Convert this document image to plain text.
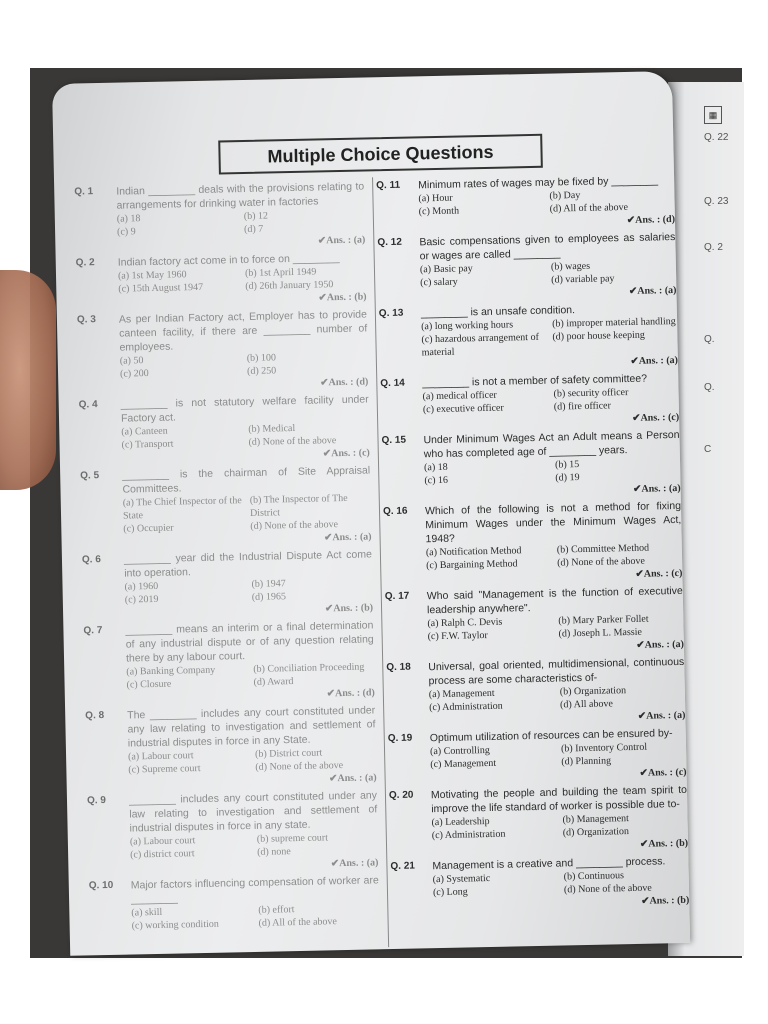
▦
Q. 22
Q. 23
Q. 2
Q.
Q.
C
Multiple Choice Questions
Q. 1 Indian ________ deals with the provisions relating to arrangements for drinking water in factories
(a) 18	(b) 12
(c) 9	(d) 7
✔Ans. : (a)
Q. 2 Indian factory act come in to force on ________
(a) 1st May 1960	(b) 1st April 1949
(c) 15th August 1947	(d) 26th January 1950
✔Ans. : (b)
Q. 3 As per Indian Factory act, Employer has to provide canteen facility, if there are ________ number of employees.
(a) 50	(b) 100
(c) 200	(d) 250
✔Ans. : (d)
Q. 4 ________ is not statutory welfare facility under Factory act.
(a) Canteen	(b) Medical
(c) Transport	(d) None of the above
✔Ans. : (c)
Q. 5 ________ is the chairman of Site Appraisal Committees.
(a) The Chief Inspector of the State
(b) The Inspector of The District
(c) Occupier	(d) None of the above
✔Ans. : (a)
Q. 6 ________ year did the Industrial Dispute Act come into operation.
(a) 1960	(b) 1947
(c) 2019	(d) 1965
✔Ans. : (b)
Q. 7 ________ means an interim or a final determination of any industrial dispute or of any question relating there by any labour court.
(a) Banking Company	(b) Conciliation Proceeding
(c) Closure	(d) Award
✔Ans. : (d)
Q. 8 The ________ includes any court constituted under any law relating to investigation and settlement of industrial disputes in force in any State.
(a) Labour court	(b) District court
(c) Supreme court	(d) None of the above
✔Ans. : (a)
Q. 9 ________ includes any court constituted under any law relating to investigation and settlement of industrial disputes in force in any state.
(a) Labour court	(b) supreme court
(c) district court	(d) none
✔Ans. : (a)
Q. 10 Major factors influencing compensation of worker are ________
(a) skill	(b) effort
(c) working condition	(d) All of the above
Q. 11 Minimum rates of wages may be fixed by ________
(a) Hour	(b) Day
(c) Month	(d) All of the above
✔Ans. : (d)
Q. 12 Basic compensations given to employees as salaries or wages are called ________
(a) Basic pay	(b) wages
(c) salary	(d) variable pay
✔Ans. : (a)
Q. 13 ________ is an unsafe condition.
(a) long working hours	(b) improper material handling
(c) hazardous arrangement of material
(d) poor house keeping
✔Ans. : (a)
Q. 14 ________ is not a member of safety committee?
(a) medical officer	(b) security officer
(c) executive officer	(d) fire officer
✔Ans. : (c)
Q. 15 Under Minimum Wages Act an Adult means a Person who has completed age of ________ years.
(a) 18	(b) 15
(c) 16	(d) 19
✔Ans. : (a)
Q. 16 Which of the following is not a method for fixing Minimum Wages under the Minimum Wages Act, 1948?
(a) Notification Method	(b) Committee Method
(c) Bargaining Method	(d) None of the above
✔Ans. : (c)
Q. 17 Who said "Management is the function of executive leadership anywhere".
(a) Ralph C. Devis	(b) Mary Parker Follet
(c) F.W. Taylor	(d) Joseph L. Massie
✔Ans. : (a)
Q. 18 Universal, goal oriented, multidimensional, continuous process are some characteristics of-
(a) Management	(b) Organization
(c) Administration	(d) All above
✔Ans. : (a)
Q. 19 Optimum utilization of resources can be ensured by-
(a) Controlling	(b) Inventory Control
(c) Management	(d) Planning
✔Ans. : (c)
Q. 20 Motivating the people and building the team spirit to improve the life standard of worker is possible due to-
(a) Leadership	(b) Management
(c) Administration	(d) Organization
✔Ans. : (b)
Q. 21 Management is a creative and ________ process.
(a) Systematic	(b) Continuous
(c) Long	(d) None of the above
✔Ans. : (b)
